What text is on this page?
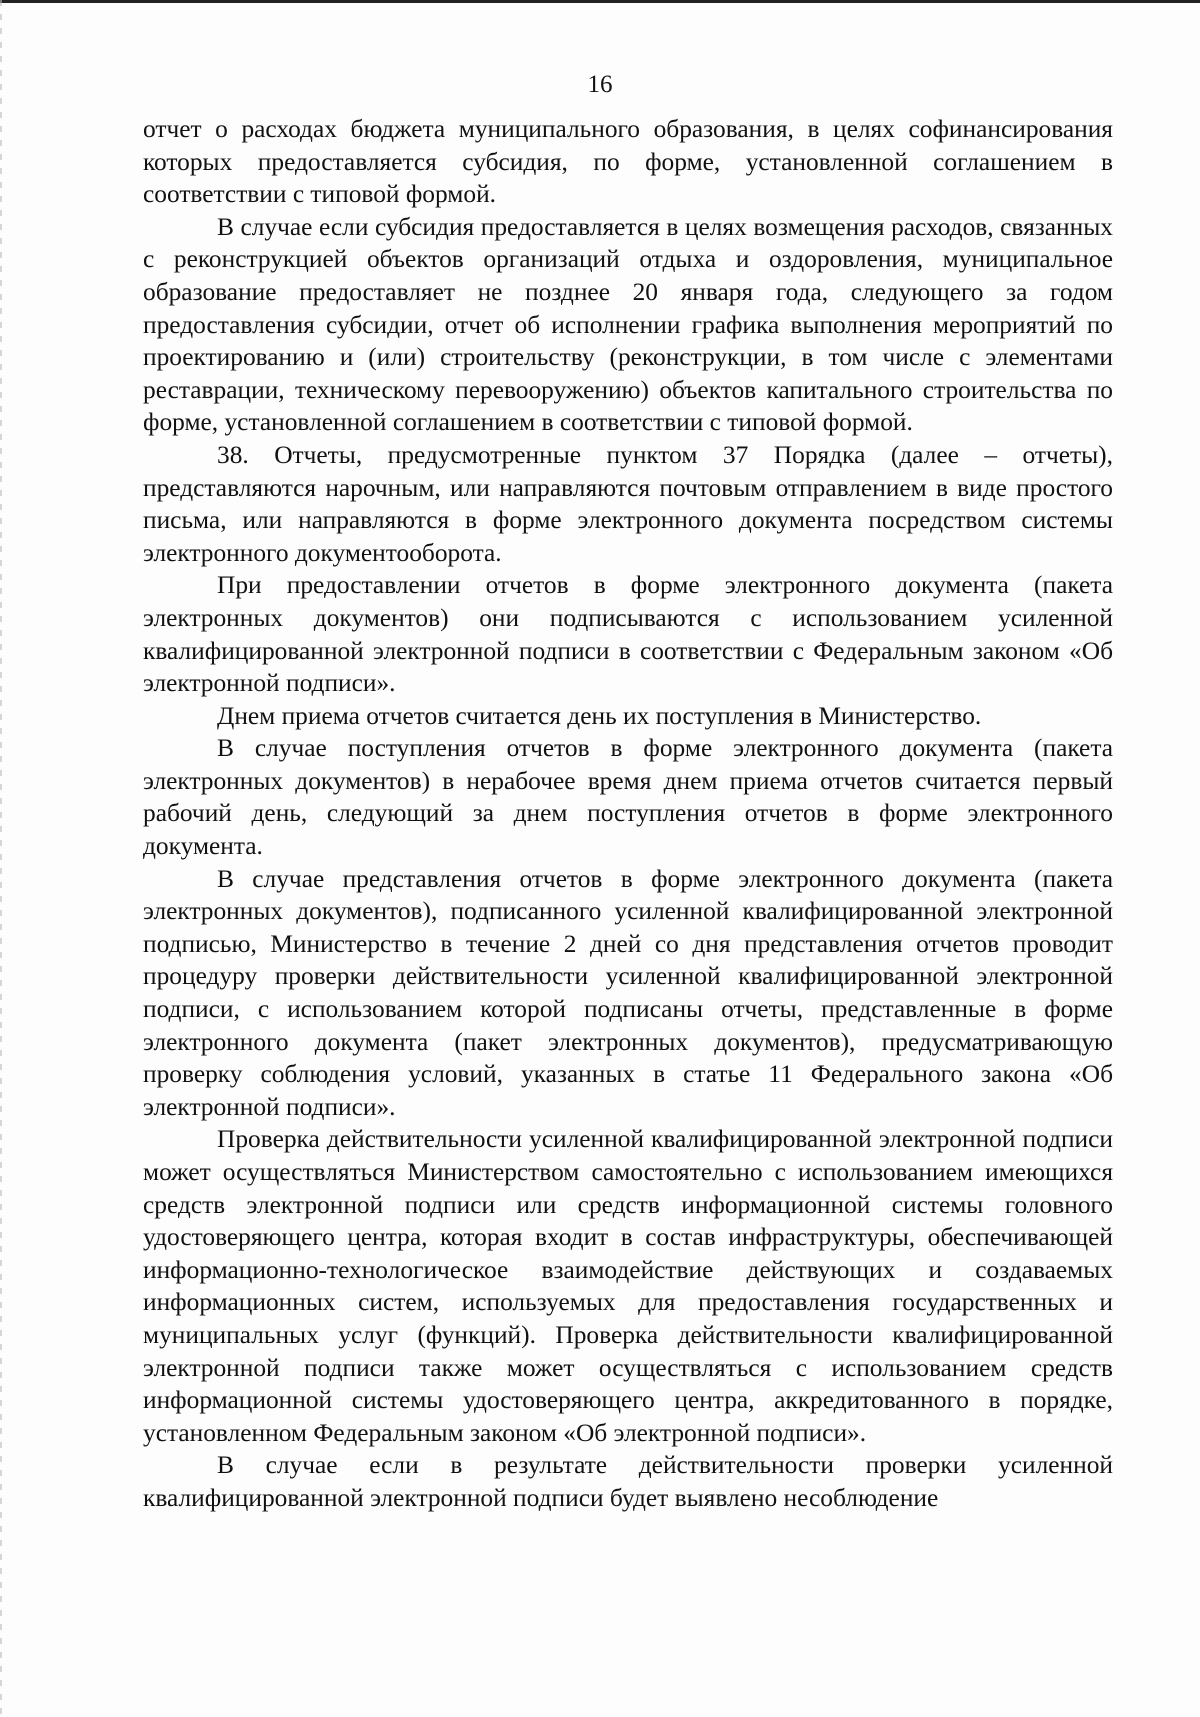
16

отчет о расходах бюджета муниципального образования, в целях софинансирования которых предоставляется субсидия, по форме, установленной соглашением в соответствии с типовой формой.

В случае если субсидия предоставляется в целях возмещения расходов, связанных с реконструкцией объектов организаций отдыха и оздоровления, муниципальное образование предоставляет не позднее 20 января года, следующего за годом предоставления субсидии, отчет об исполнении графика выполнения мероприятий по проектированию и (или) строительству (реконструкции, в том числе с элементами реставрации, техническому перевооружению) объектов капитального строительства по форме, установленной соглашением в соответствии с типовой формой.

38. Отчеты, предусмотренные пунктом 37 Порядка (далее – отчеты), представляются нарочным, или направляются почтовым отправлением в виде простого письма, или направляются в форме электронного документа посредством системы электронного документооборота.

При предоставлении отчетов в форме электронного документа (пакета электронных документов) они подписываются с использованием усиленной квалифицированной электронной подписи в соответствии с Федеральным законом «Об электронной подписи».

Днем приема отчетов считается день их поступления в Министерство.

В случае поступления отчетов в форме электронного документа (пакета электронных документов) в нерабочее время днем приема отчетов считается первый рабочий день, следующий за днем поступления отчетов в форме электронного документа.

В случае представления отчетов в форме электронного документа (пакета электронных документов), подписанного усиленной квалифицированной электронной подписью, Министерство в течение 2 дней со дня представления отчетов проводит процедуру проверки действительности усиленной квалифицированной электронной подписи, с использованием которой подписаны отчеты, представленные в форме электронного документа (пакет электронных документов), предусматривающую проверку соблюдения условий, указанных в статье 11 Федерального закона «Об электронной подписи».

Проверка действительности усиленной квалифицированной электронной подписи может осуществляться Министерством самостоятельно с использованием имеющихся средств электронной подписи или средств информационной системы головного удостоверяющего центра, которая входит в состав инфраструктуры, обеспечивающей информационно-технологическое взаимодействие действующих и создаваемых информационных систем, используемых для предоставления государственных и муниципальных услуг (функций). Проверка действительности квалифицированной электронной подписи также может осуществляться с использованием средств информационной системы удостоверяющего центра, аккредитованного в порядке, установленном Федеральным законом «Об электронной подписи».

В случае если в результате действительности проверки усиленной квалифицированной электронной подписи будет выявлено несоблюдение
